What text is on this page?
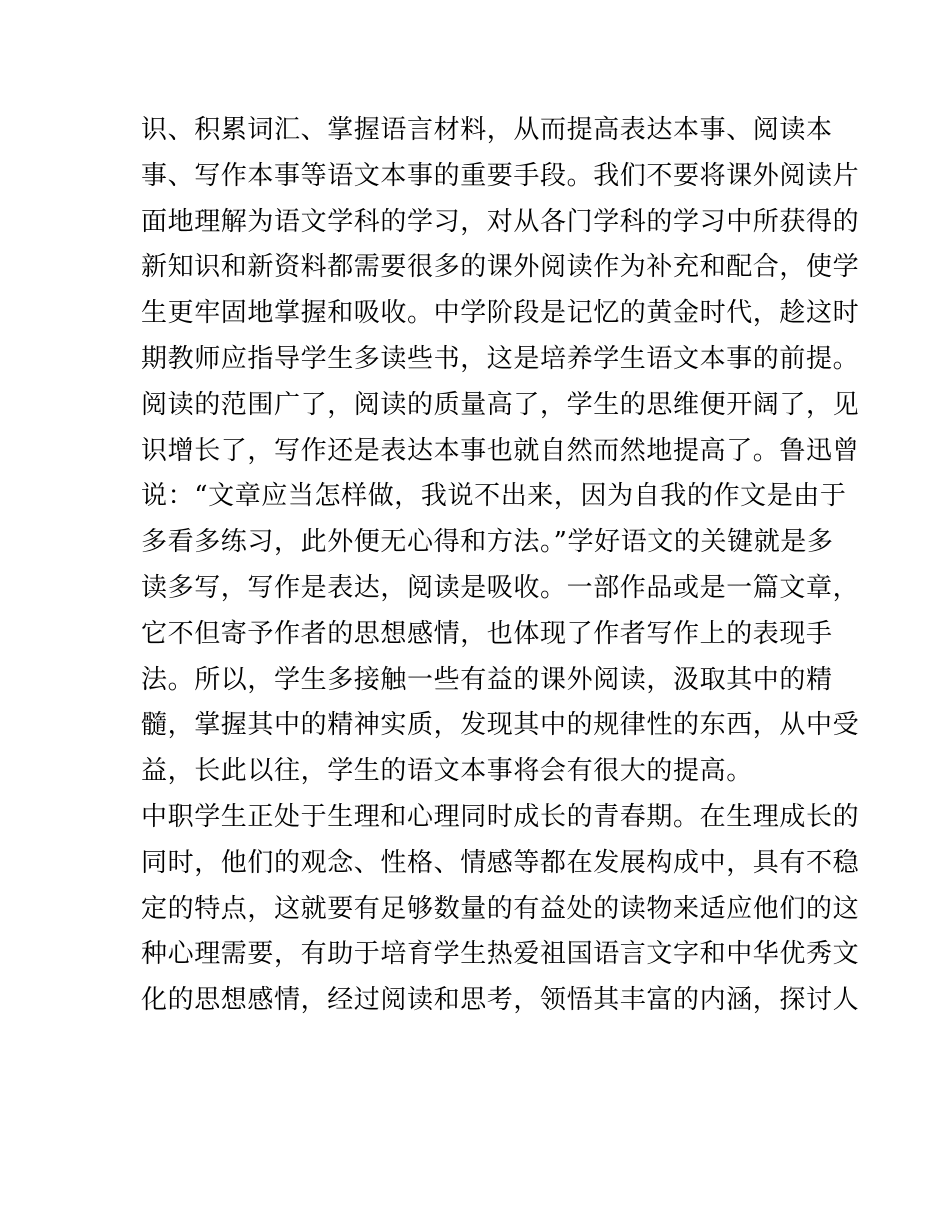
识、积累词汇、掌握语言材料，从而提高表达本事、阅读本

事、写作本事等语文本事的重要手段。我们不要将课外阅读片

面地理解为语文学科的学习，对从各门学科的学习中所获得的

新知识和新资料都需要很多的课外阅读作为补充和配合，使学

生更牢固地掌握和吸收。中学阶段是记忆的黄金时代，趁这时

期教师应指导学生多读些书，这是培养学生语文本事的前提。

阅读的范围广了，阅读的质量高了，学生的思维便开阔了，见

识增长了，写作还是表达本事也就自然而然地提高了。鲁迅曾

说：“文章应当怎样做，我说不出来，因为自我的作文是由于

多看多练习，此外便无心得和方法。”学好语文的关键就是多

读多写，写作是表达，阅读是吸收。一部作品或是一篇文章，

它不但寄予作者的思想感情，也体现了作者写作上的表现手

法。所以，学生多接触一些有益的课外阅读，汲取其中的精

髓，掌握其中的精神实质，发现其中的规律性的东西，从中受

益，长此以往，学生的语文本事将会有很大的提高。

中职学生正处于生理和心理同时成长的青春期。在生理成长的

同时，他们的观念、性格、情感等都在发展构成中，具有不稳

定的特点，这就要有足够数量的有益处的读物来适应他们的这

种心理需要，有助于培育学生热爱祖国语言文字和中华优秀文

化的思想感情，经过阅读和思考，领悟其丰富的内涵，探讨人
